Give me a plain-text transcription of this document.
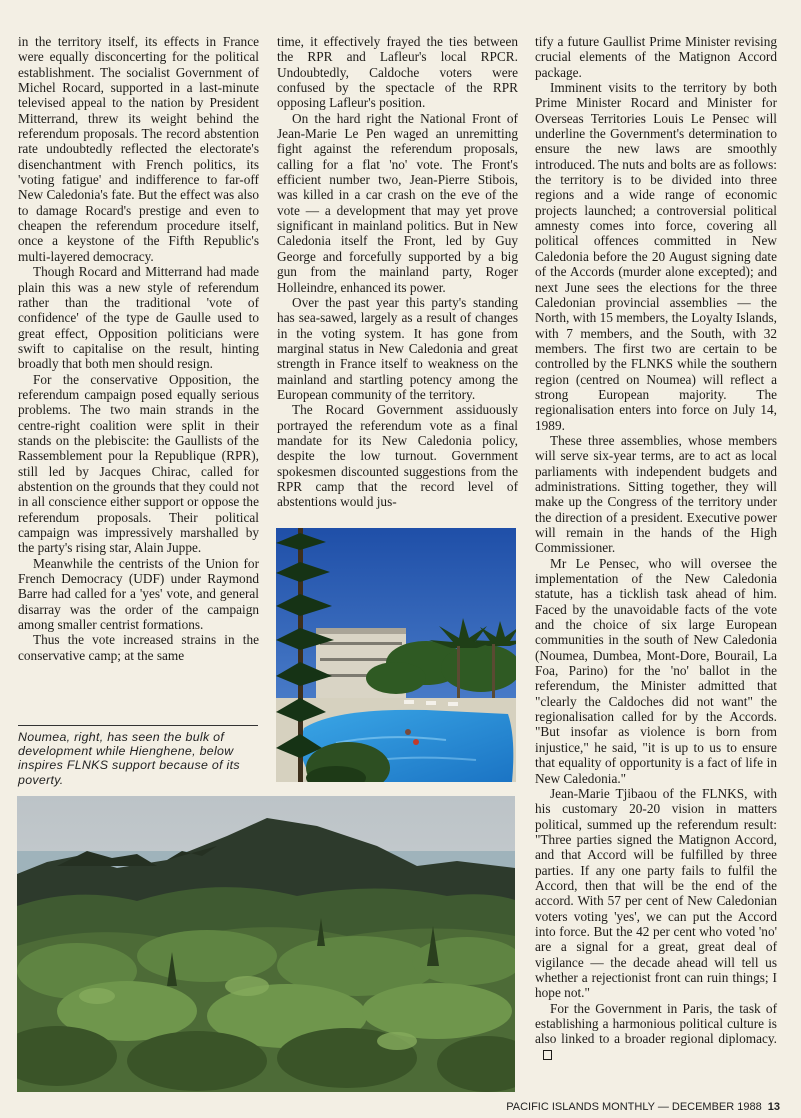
in the territory itself, its effects in France were equally disconcerting for the political establishment. The socialist Government of Michel Rocard, supported in a last-minute televised appeal to the nation by President Mitterrand, threw its weight behind the referendum proposals. The record abstention rate undoubtedly reflected the electorate's disenchantment with French politics, its 'voting fatigue' and indifference to far-off New Caledonia's fate. But the effect was also to damage Rocard's prestige and even to cheapen the referendum procedure itself, once a keystone of the Fifth Republic's multi-layered democracy.

Though Rocard and Mitterrand had made plain this was a new style of referendum rather than the traditional 'vote of confidence' of the type de Gaulle used to great effect, Opposition politicians were swift to capitalise on the result, hinting broadly that both men should resign.

For the conservative Opposition, the referendum campaign posed equally serious problems. The two main strands in the centre-right coalition were split in their stands on the plebiscite: the Gaullists of the Rassemblement pour la Republique (RPR), still led by Jacques Chirac, called for abstention on the grounds that they could not in all conscience either support or oppose the referendum proposals. Their political campaign was impressively marshalled by the party's rising star, Alain Juppe.

Meanwhile the centrists of the Union for French Democracy (UDF) under Raymond Barre had called for a 'yes' vote, and general disarray was the order of the campaign among smaller centrist formations.

Thus the vote increased strains in the conservative camp; at the same

Noumea, right, has seen the bulk of development while Hienghene, below inspires FLNKS support because of its poverty.

time, it effectively frayed the ties between the RPR and Lafleur's local RPCR. Undoubtedly, Caldoche voters were confused by the spectacle of the RPR opposing Lafleur's position.

On the hard right the National Front of Jean-Marie Le Pen waged an unremitting fight against the referendum proposals, calling for a flat 'no' vote. The Front's efficient number two, Jean-Pierre Stibois, was killed in a car crash on the eve of the vote — a development that may yet prove significant in mainland politics. But in New Caledonia itself the Front, led by Guy George and forcefully supported by a big gun from the mainland party, Roger Holleindre, enhanced its power.

Over the past year this party's standing has sea-sawed, largely as a result of changes in the voting system. It has gone from marginal status in New Caledonia and great strength in France itself to weakness on the mainland and startling potency among the European community of the territory.

The Rocard Government assiduously portrayed the referendum vote as a final mandate for its New Caledonia policy, despite the low turnout. Government spokesmen discounted suggestions from the RPR camp that the record level of abstentions would jus-

tify a future Gaullist Prime Minister revising crucial elements of the Matignon Accord package.

Imminent visits to the territory by both Prime Minister Rocard and Minister for Overseas Territories Louis Le Pensec will underline the Government's determination to ensure the new laws are smoothly introduced. The nuts and bolts are as follows: the territory is to be divided into three regions and a wide range of economic projects launched; a controversial political amnesty comes into force, covering all political offences committed in New Caledonia before the 20 August signing date of the Accords (murder alone excepted); and next June sees the elections for the three Caledonian provincial assemblies — the North, with 15 members, the Loyalty Islands, with 7 members, and the South, with 32 members. The first two are certain to be controlled by the FLNKS while the southern region (centred on Noumea) will reflect a strong European majority. The regionalisation enters into force on July 14, 1989.

These three assemblies, whose members will serve six-year terms, are to act as local parliaments with independent budgets and administrations. Sitting together, they will make up the Congress of the territory under the direction of a president. Executive power will remain in the hands of the High Commissioner.

Mr Le Pensec, who will oversee the implementation of the New Caledonia statute, has a ticklish task ahead of him. Faced by the unavoidable facts of the vote and the choice of six large European communities in the south of New Caledonia (Noumea, Dumbea, Mont-Dore, Bourail, La Foa, Parino) for the 'no' ballot in the referendum, the Minister admitted that "clearly the Caldoches did not want" the regionalisation called for by the Accords. "But insofar as violence is born from injustice," he said, "it is up to us to ensure that equality of opportunity is a fact of life in New Caledonia."

Jean-Marie Tjibaou of the FLNKS, with his customary 20-20 vision in matters political, summed up the referendum result: "Three parties signed the Matignon Accord, and that Accord will be fulfilled by three parties. If any one party fails to fulfil the Accord, then that will be the end of the accord. With 57 per cent of New Caledonian voters voting 'yes', we can put the Accord into force. But the 42 per cent who voted 'no' are a signal for a great, great deal of vigilance — the decade ahead will tell us whether a rejectionist front can ruin things; I hope not."

For the Government in Paris, the task of establishing a harmonious political culture is also linked to a broader regional diplomacy.

PACIFIC ISLANDS MONTHLY — DECEMBER 1988 13
